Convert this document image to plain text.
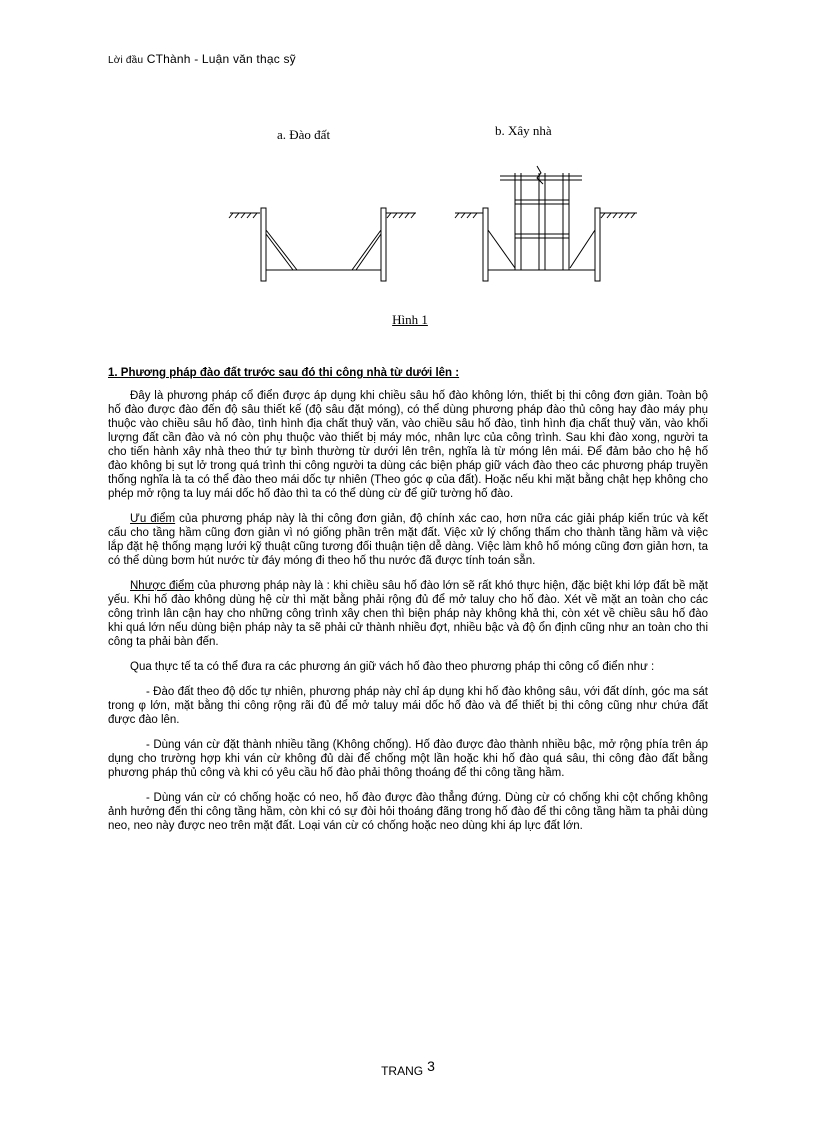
Lời đầu CThành - Luận văn thạc sỹ
a. Đào đất	b. Xây nhà
Hình 1
1. Phương pháp đào đất trước sau đó thi công nhà từ dưới lên :

Đây là phương pháp cổ điển được áp dụng khi chiều sâu hố đào không lớn, thiết bị thi công đơn giản. Toàn bộ hố đào được đào đến độ sâu thiết kế (độ sâu đặt móng), có thể dùng phương pháp đào thủ công hay đào máy phụ thuộc vào chiều sâu hố đào, tình hình địa chất thuỷ văn, vào chiều sâu hố đào, tình hình địa chất thuỷ văn, vào khối lượng đất cần đào và nó còn phụ thuộc vào thiết bị máy móc, nhân lực của công trình. Sau khi đào xong, người ta cho tiến hành xây nhà theo thứ tự bình thường từ dưới lên trên, nghĩa là từ móng lên mái. Để đảm bảo cho hệ hố đào không bị sụt lở trong quá trình thi công người ta dùng các biện pháp giữ vách đào theo các phương pháp truyền thống nghĩa là ta có thể đào theo mái dốc tự nhiên (Theo góc φ của đất). Hoặc nếu khi mặt bằng chật hẹp không cho phép mở rộng ta luy mái dốc hố đào thì ta có thể dùng cừ để giữ tường hố đào.

Ưu điểm của phương pháp này là thi công đơn giản, độ chính xác cao, hơn nữa các giải pháp kiến trúc và kết cấu cho tầng hầm cũng đơn giản vì nó giống phần trên mặt đất. Việc xử lý chống thấm cho thành tầng hầm và việc lắp đặt hệ thống mạng lưới kỹ thuật cũng tương đối thuận tiện dễ dàng. Việc làm khô hố móng cũng đơn giản hơn, ta có thể dùng bơm hút nước từ đáy móng đi theo hố thu nước đã được tính toán sẵn.

Nhược điểm của phương pháp này là : khi chiều sâu hố đào lớn sẽ rất khó thực hiện, đặc biệt khi lớp đất bề mặt yếu. Khi hố đào không dùng hệ cừ thì mặt bằng phải rộng đủ để mở taluy cho hố đào. Xét về mặt an toàn cho các công trình lân cận hay cho những công trình xây chen thì biện pháp này không khả thi, còn xét về chiều sâu hố đào khi quá lớn nếu dùng biện pháp này ta sẽ phải cử thành nhiều đợt, nhiều bậc và độ ổn định cũng như an toàn cho thi công ta phải bàn đến.

Qua thực tế ta có thể đưa ra các phương án giữ vách hố đào theo phương pháp thi công cổ điển như :

- Đào đất theo độ dốc tự nhiên, phương pháp này chỉ áp dụng khi hố đào không sâu, với đất dính, góc ma sát trong φ lớn, mặt bằng thi công rộng rãi đủ để mở taluy mái dốc hố đào và để thiết bị thi công cũng như chứa đất được đào lên.

- Dùng ván cừ đặt thành nhiều tầng (Không chống). Hố đào được đào thành nhiều bậc, mở rộng phía trên áp dụng cho trường hợp khi ván cừ không đủ dài để chống một lần hoặc khi hố đào quá sâu, thi công đào đất bằng phương pháp thủ công và khi có yêu cầu hố đào phải thông thoáng để thi công tầng hầm.

- Dùng ván cừ có chống hoặc có neo, hố đào được đào thẳng đứng. Dùng cừ có chống khi cột chống không ảnh hưởng đến thi công tầng hầm, còn khi có sự đòi hỏi thoáng đãng trong hố đào để thi công tầng hầm ta phải dùng neo, neo này được neo trên mặt đất. Loại ván cừ có chống hoặc neo dùng khi áp lực đất lớn.

TRANG 3
